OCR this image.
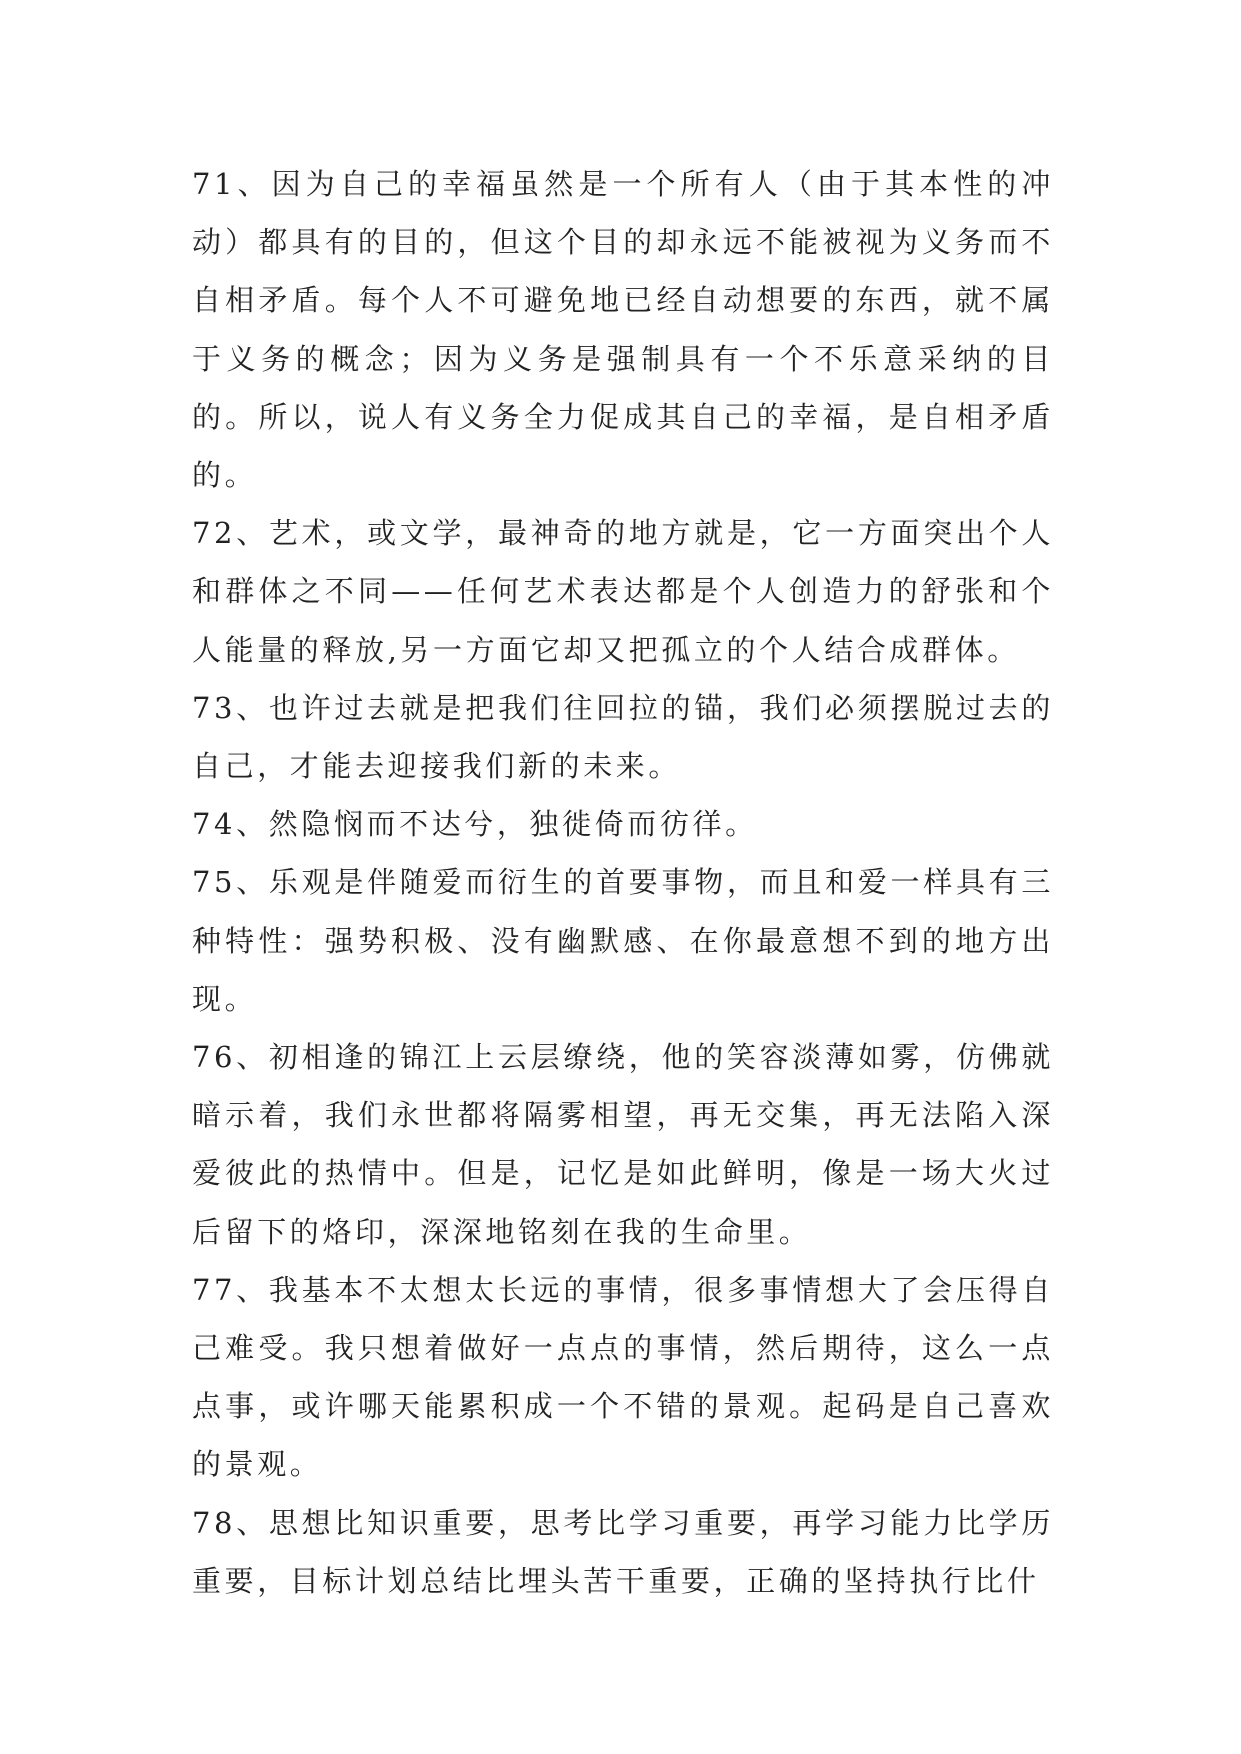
71、因为自己的幸福虽然是一个所有人（由于其本性的冲动）都具有的目的，但这个目的却永远不能被视为义务而不自相矛盾。每个人不可避免地已经自动想要的东西，就不属于义务的概念；因为义务是强制具有一个不乐意采纳的目的。所以，说人有义务全力促成其自己的幸福，是自相矛盾的。

72、艺术，或文学，最神奇的地方就是，它一方面突出个人和群体之不同——任何艺术表达都是个人创造力的舒张和个人能量的释放,另一方面它却又把孤立的个人结合成群体。

73、也许过去就是把我们往回拉的锚，我们必须摆脱过去的自己，才能去迎接我们新的未来。

74、然隐悯而不达兮，独徙倚而彷徉。

75、乐观是伴随爱而衍生的首要事物，而且和爱一样具有三种特性：强势积极、没有幽默感、在你最意想不到的地方出现。

76、初相逢的锦江上云层缭绕，他的笑容淡薄如雾，仿佛就暗示着，我们永世都将隔雾相望，再无交集，再无法陷入深爱彼此的热情中。但是，记忆是如此鲜明，像是一场大火过后留下的烙印，深深地铭刻在我的生命里。

77、我基本不太想太长远的事情，很多事情想大了会压得自己难受。我只想着做好一点点的事情，然后期待，这么一点点事，或许哪天能累积成一个不错的景观。起码是自己喜欢的景观。

78、思想比知识重要，思考比学习重要，再学习能力比学历重要，目标计划总结比埋头苦干重要，正确的坚持执行比什
